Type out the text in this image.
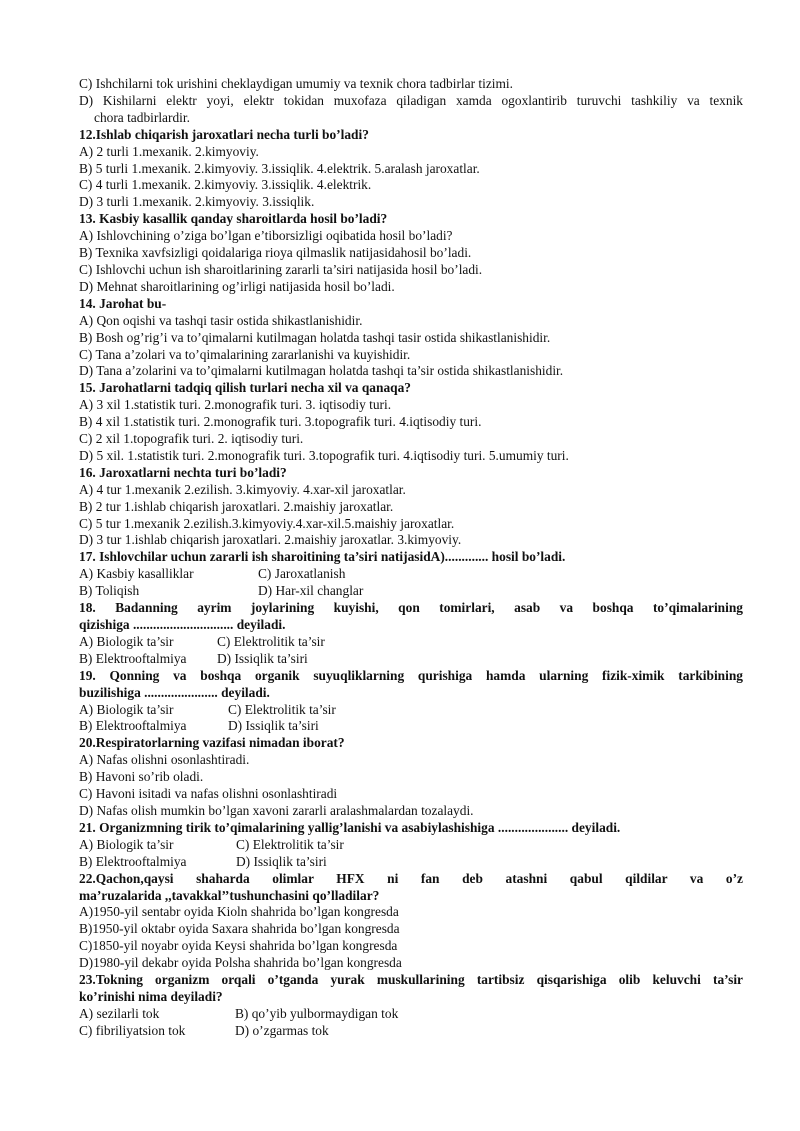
C) Ishchilarni tok urishini cheklaydigan umumiy va texnik chora tadbirlar tizimi.
D) Kishilarni elektr yoyi, elektr tokidan muxofaza qiladigan xamda ogoxlantirib turuvchi tashkiliy va texnik
chora tadbirlardir.
12.Ishlab chiqarish jaroxatlari necha turli bo’ladi?
A) 2 turli 1.mexanik. 2.kimyoviy.
B) 5 turli 1.mexanik. 2.kimyoviy. 3.issiqlik. 4.elektrik. 5.aralash jaroxatlar.
C) 4 turli 1.mexanik. 2.kimyoviy. 3.issiqlik. 4.elektrik.
D) 3 turli 1.mexanik. 2.kimyoviy. 3.issiqlik.
13. Kasbiy kasallik qanday sharoitlarda hosil bo’ladi?
A) Ishlovchining o’ziga bo’lgan e’tiborsizligi oqibatida hosil bo’ladi?
B) Texnika xavfsizligi qoidalariga rioya qilmaslik natijasidahosil bo’ladi.
C) Ishlovchi uchun ish sharoitlarining zararli ta’siri natijasida hosil bo’ladi.
D) Mehnat sharoitlarining og’irligi natijasida hosil bo’ladi.
14. Jarohat bu-
A) Qon oqishi va tashqi tasir ostida shikastlanishidir.
B) Bosh og’rig’i va to’qimalarni kutilmagan holatda tashqi tasir ostida shikastlanishidir.
C) Tana a’zolari va to’qimalarining zararlanishi va kuyishidir.
D) Tana a’zolarini va to’qimalarni kutilmagan holatda tashqi ta’sir ostida shikastlanishidir.
15. Jarohatlarni tadqiq qilish turlari necha xil va qanaqa?
A) 3 xil 1.statistik turi. 2.monografik turi. 3. iqtisodiy turi.
B) 4 xil 1.statistik turi. 2.monografik turi. 3.topografik turi. 4.iqtisodiy turi.
C) 2 xil 1.topografik turi. 2. iqtisodiy turi.
D) 5 xil. 1.statistik turi. 2.monografik turi. 3.topografik turi. 4.iqtisodiy turi. 5.umumiy turi.
16. Jaroxatlarni nechta turi bo’ladi?
A) 4 tur 1.mexanik 2.ezilish. 3.kimyoviy. 4.xar-xil jaroxatlar.
B) 2 tur 1.ishlab chiqarish jaroxatlari. 2.maishiy jaroxatlar.
C) 5 tur 1.mexanik 2.ezilish.3.kimyoviy.4.xar-xil.5.maishiy jaroxatlar.
D) 3 tur 1.ishlab chiqarish jaroxatlari. 2.maishiy jaroxatlar. 3.kimyoviy.
17. Ishlovchilar uchun zararli ish sharoitining ta’siri natijasidA)............. hosil bo’ladi.
A) Kasbiy kasalliklar	C) Jaroxatlanish
B) Toliqish	D) Har-xil changlar
18. Badanning ayrim joylarining kuyishi, qon tomirlari, asab va boshqa to’qimalarining
qizishiga .............................. deyiladi.
A) Biologik ta’sir	C) Elektrolitik ta’sir
B) Elektrooftalmiya	D) Issiqlik ta’siri
19. Qonning va boshqa organik suyuqliklarning qurishiga hamda ularning fizik-ximik tarkibining
buzilishiga ...................... deyiladi.
A) Biologik ta’sir	C) Elektrolitik ta’sir
B) Elektrooftalmiya	D) Issiqlik ta’siri
20.Respiratorlarning vazifasi nimadan iborat?
A) Nafas olishni osonlashtiradi.
B) Havoni so’rib oladi.
C) Havoni isitadi va nafas olishni osonlashtiradi
D) Nafas olish mumkin bo’lgan xavoni zararli aralashmalardan tozalaydi.
21. Organizmning tirik to’qimalarining yallig’lanishi va asabiylashishiga ..................... deyiladi.
A) Biologik ta’sir	C) Elektrolitik ta’sir
B) Elektrooftalmiya	D) Issiqlik ta’siri
22.Qachon,qaysi shaharda olimlar HFX ni fan deb atashni qabul qildilar va o’z
ma’ruzalarida ,,tavakkal’’tushunchasini qo’lladilar?
A)1950-yil sentabr oyida Kioln shahrida bo’lgan kongresda
B)1950-yil oktabr oyida Saxara shahrida bo’lgan kongresda
C)1850-yil noyabr oyida Keysi shahrida bo’lgan kongresda
D)1980-yil dekabr oyida Polsha shahrida bo’lgan kongresda
23.Tokning organizm orqali o’tganda yurak muskullarining tartibsiz qisqarishiga olib keluvchi ta’sir
ko’rinishi nima deyiladi?
A) sezilarli tok	B) qo’yib yulbormaydigan tok
C) fibriliyatsion tok	D) o’zgarmas tok
